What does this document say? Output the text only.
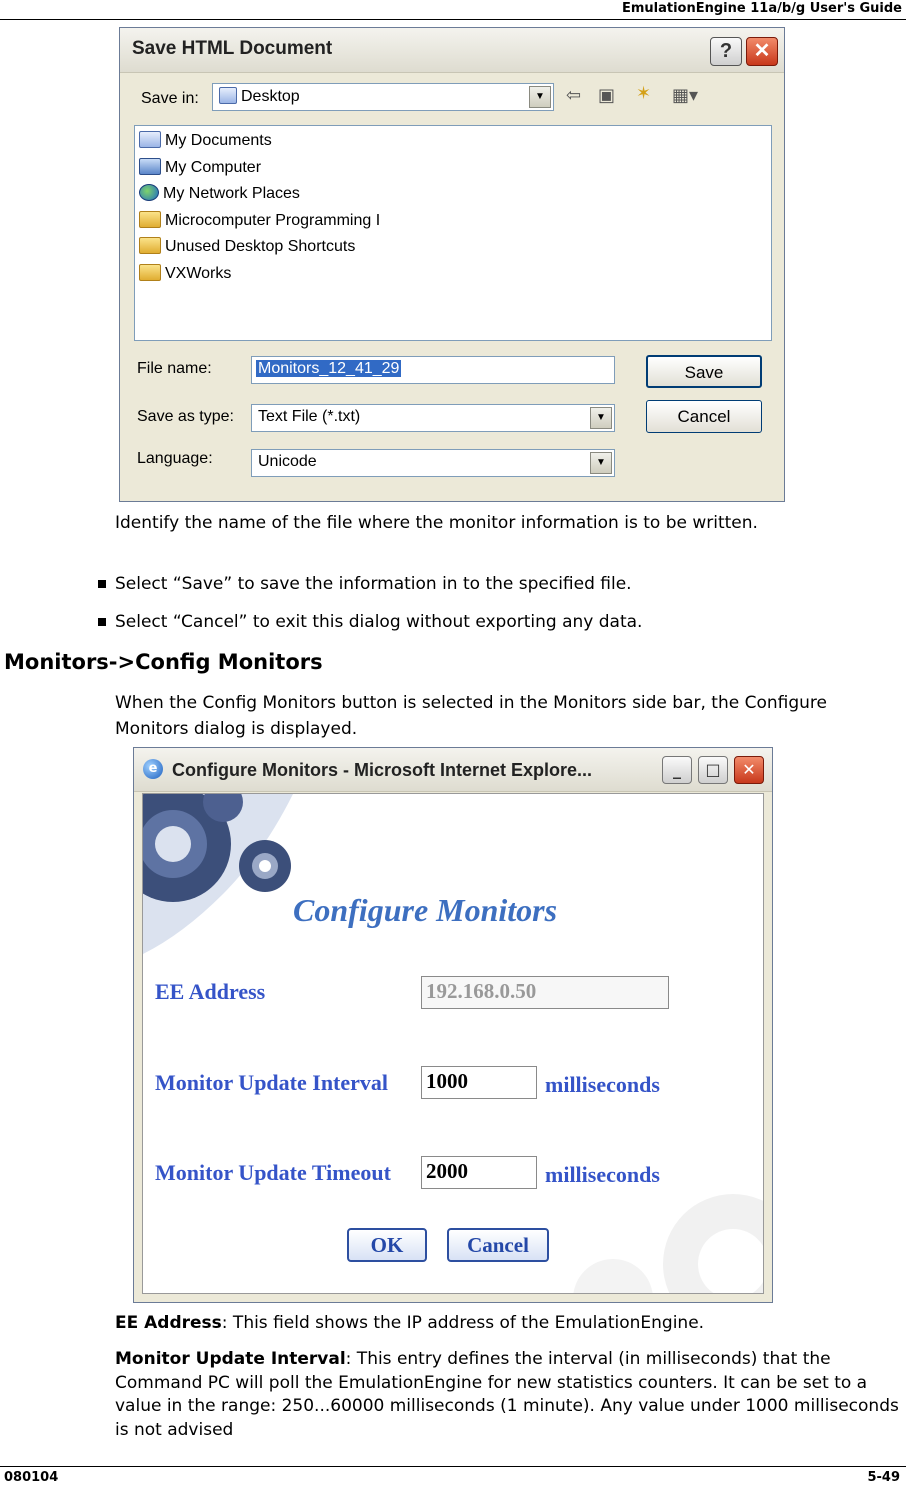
EmulationEngine 11a/b/g User's Guide
Save HTML Document	?	✕
Save in:	Desktop	▼	⇦ ▣ ✶ ▦▾
My Documents
My Computer
My Network Places
Microcomputer Programming I
Unused Desktop Shortcuts
VXWorks
File name:	Monitors_12_41_29
Save as type:	Text File (*.txt)	▼
Language:	Unicode	▼
Save
Cancel
Identify the name of the file where the monitor information is to be written.
Select “Save” to save the information in to the specified file.
Select “Cancel” to exit this dialog without exporting any data.
Monitors->Config Monitors
When the Config Monitors button is selected in the Monitors side bar, the Configure Monitors dialog is displayed.
e Configure Monitors - Microsoft Internet Explore...	_	□	✕
Configure Monitors
EE Address	192.168.0.50
Monitor Update Interval 1000	milliseconds
Monitor Update Timeout 2000	milliseconds
OK	Cancel
EE Address: This field shows the IP address of the EmulationEngine.
Monitor Update Interval: This entry defines the interval (in milliseconds) that the Command PC will poll the EmulationEngine for new statistics counters. It can be set to a value in the range: 250...60000 milliseconds (1 minute). Any value under 1000 milliseconds is not advised
080104	5-49
